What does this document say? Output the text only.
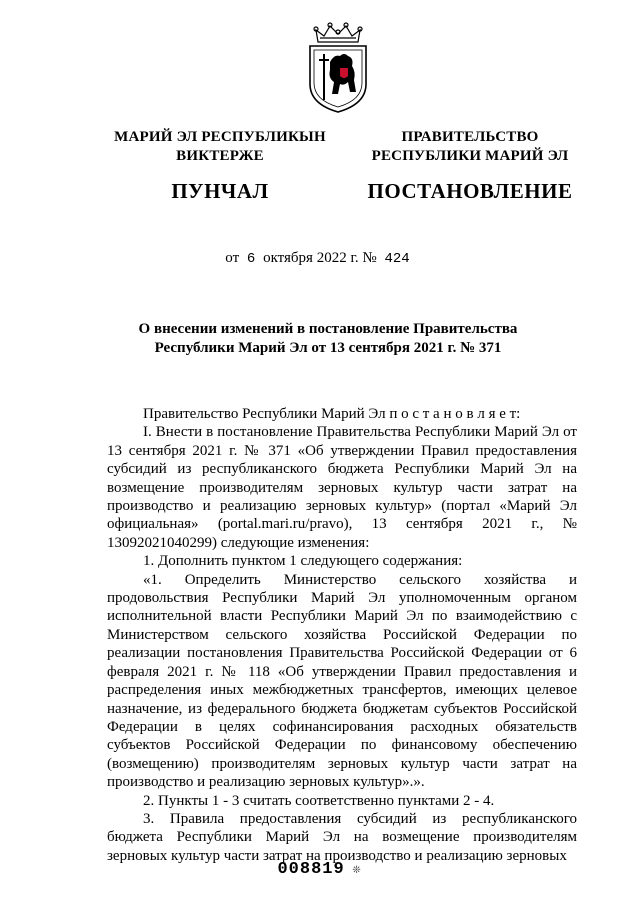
МАРИЙ ЭЛ РЕСПУБЛИКЫН
ВИКТЕРЖЕ
ПУНЧАЛ
ПРАВИТЕЛЬСТВО
РЕСПУБЛИКИ МАРИЙ ЭЛ
ПОСТАНОВЛЕНИЕ
от 6 октября 2022 г. № 424
О внесении изменений в постановление Правительства
Республики Марий Эл от 13 сентября 2021 г. № 371

Правительство Республики Марий Эл п о с т а н о в л я е т:

I. Внести в постановление Правительства Республики Марий Эл от 13 сентября 2021 г. № 371 «Об утверждении Правил предоставления субсидий из республиканского бюджета Республики Марий Эл на возмещение производителям зерновых культур части затрат на производство и реализацию зерновых культур» (портал «Марий Эл официальная» (portal.mari.ru/pravo), 13 сентября 2021 г., № 13092021040299) следующие изменения:

1. Дополнить пунктом 1 следующего содержания:

«1. Определить Министерство сельского хозяйства и продовольствия Республики Марий Эл уполномоченным органом исполнительной власти Республики Марий Эл по взаимодействию с Министерством сельского хозяйства Российской Федерации по реализации постановления Правительства Российской Федерации от 6 февраля 2021 г. № 118 «Об утверждении Правил предоставления и распределения иных межбюджетных трансфертов, имеющих целевое назначение, из федерального бюджета бюджетам субъектов Российской Федерации в целях софинансирования расходных обязательств субъектов Российской Федерации по финансовому обеспечению (возмещению) производителям зерновых культур части затрат на производство и реализацию зерновых культур».».

2. Пункты 1 - 3 считать соответственно пунктами 2 - 4.

3. Правила предоставления субсидий из республиканского бюджета Республики Марий Эл на возмещение производителям зерновых культур части затрат на производство и реализацию зерновых

008819 ❊
